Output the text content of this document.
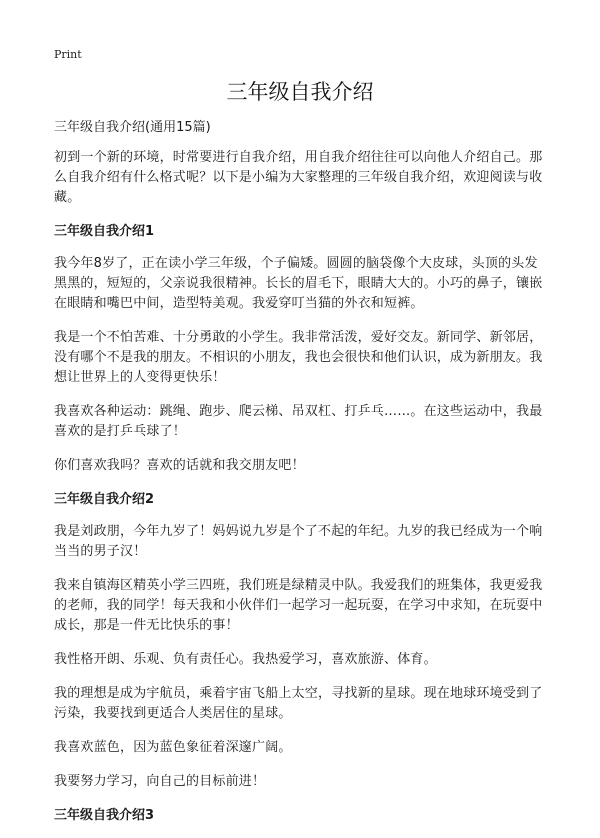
Print
三年级自我介绍
三年级自我介绍(通用15篇)

初到一个新的环境，时常要进行自我介绍，用自我介绍往往可以向他人介绍自己。那么自我介绍有什么格式呢？以下是小编为大家整理的三年级自我介绍，欢迎阅读与收藏。

三年级自我介绍1

我今年8岁了，正在读小学三年级，个子偏矮。圆圆的脑袋像个大皮球，头顶的头发黑黑的，短短的，父亲说我很精神。长长的眉毛下，眼睛大大的。小巧的鼻子，镶嵌在眼睛和嘴巴中间，造型特美观。我爱穿叮当猫的外衣和短裤。

我是一个不怕苦难、十分勇敢的小学生。我非常活泼，爱好交友。新同学、新邻居，没有哪个不是我的朋友。不相识的小朋友，我也会很快和他们认识，成为新朋友。我想让世界上的人变得更快乐！

我喜欢各种运动：跳绳、跑步、爬云梯、吊双杠、打乒乓……。在这些运动中，我最喜欢的是打乒乓球了！

你们喜欢我吗？喜欢的话就和我交朋友吧！

三年级自我介绍2

我是刘政朋，今年九岁了！妈妈说九岁是个了不起的年纪。九岁的我已经成为一个响当当的男子汉！

我来自镇海区精英小学三四班，我们班是绿精灵中队。我爱我们的班集体，我更爱我的老师，我的同学！每天我和小伙伴们一起学习一起玩耍，在学习中求知，在玩耍中成长，那是一件无比快乐的事！

我性格开朗、乐观、负有责任心。我热爱学习，喜欢旅游、体育。

我的理想是成为宇航员，乘着宇宙飞船上太空，寻找新的星球。现在地球环境受到了污染，我要找到更适合人类居住的星球。

我喜欢蓝色，因为蓝色象征着深邃广阔。

我要努力学习，向自己的目标前进！

三年级自我介绍3
